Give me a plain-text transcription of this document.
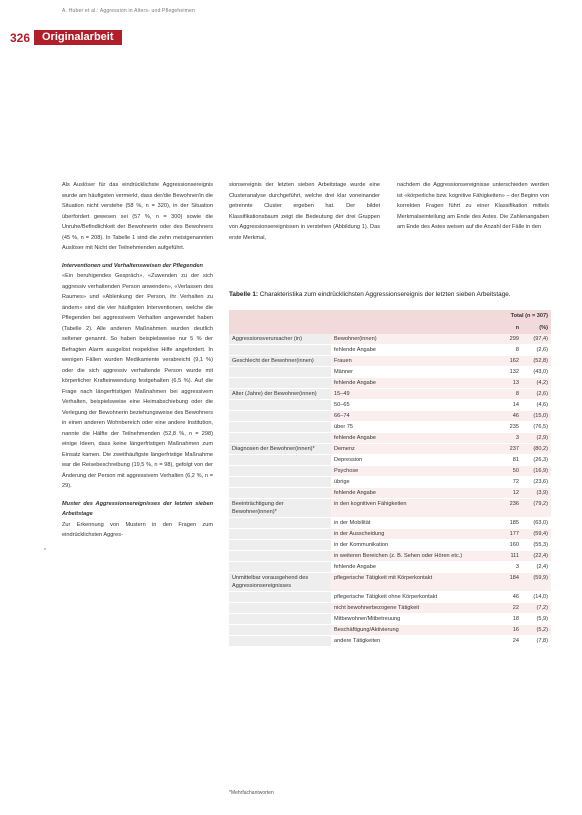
A. Huber et al.: Aggression in Alters- und Pflegeheimen
326	Originalarbeit

Als Auslöser für das eindrücklichste Aggressionsereignis wurde am häufigsten vermerkt, dass der/die Bewohner/in die Situation nicht verstehe (58 %, n = 320), in der Situation überfordert gewesen sei (57 %, n = 300) sowie die Unruhe/Befindlichkeit der Bewohnerin oder des Bewohners (45 %, n = 208). In Tabelle 1 sind die zehn meistgenannten Auslöser mit Nicht der Teilnehmenden aufgeführt.

Interventionen und Verhaltensweisen der Pflegenden

«Ein beruhigendes Gespräch», «Zuwenden zu der sich aggressiv verhaltenden Person anwenden», «Verlassen des Raumes» und «Ablenkung der Person, ihr Verhalten zu ändern» sind die vier häufigsten Interventionen, welche die Pflegenden bei aggressivem Verhalten angewendet haben (Tabelle 2). Alle anderen Maßnahmen wurden deutlich seltener genannt. So haben beispielsweise nur 5 % der Befragten Alarm ausgelöst respektive Hilfe angefordert. In wenigen Fällen wurden Medikamente verabreicht (9,1 %) oder die sich aggressiv verhaltende Person wurde mit körperlicher Krafteinwendung festgehalten (6,5 %). Auf die Frage nach längerfristigen Maßnahmen bei aggressivem Verhalten, beispielsweise eine Heimabschiebung oder die Verlegung der Bewohnerin beziehungsweise des Bewohners in einen anderen Wohnbereich oder eine andere Institution, nannte die Hälfte der Teilnehmenden (52,8 %, n = 298) einige Ideen, dass keine längerfristigen Maßnahmen zum Einsatz kamen. Die zweithäufigste längerfristige Maßnahme war die Reisebeschreibung (19,5 %, n = 98), gefolgt von der Änderung der Person mit aggressivem Verhalten (6,2 %, n = 29).

Muster des Aggressionsereignisses der letzten sieben Arbeitstage

Zur Erkennung von Mustern in den Fragen zum eindrücklichsten Aggres-

sionsereignis der letzten sieben Arbeitstage wurde eine Clusteranalyse durchgeführt, welche drei klar voneinander getrennte Cluster ergeben hat. Der bildet Klassifikationsbaum zeigt die Bedeutung der drei Gruppen von Aggressionsereignissen in verstehen (Abbildung 1). Das erste Merkmal,

nachdem die Aggressionsereignisse unterschieden werden ist «körperliche bzw. kognitive Fähigkeiten» – der Beginn von korrekten Fragen führt zu einer Klassifikation mittels Merkmalseinteilung am Ende des Astes. Die Zahlenangaben am Ende des Astes weisen auf die Anzahl der Fälle in den

Tabelle 1: Charakteristika zum eindrücklichsten Aggressionsereignis der letzten sieben Arbeitstage.
		Total (n = 307)	
		n	(%)
Aggressionsverursacher (in)	Bewohner(innen)	299	(97,4)
	fehlende Angabe	8	(2,6)
Geschlecht der Bewohner(innen)	Frauen	162	(52,8)
	Männer	132	(43,0)
	fehlende Angabe	13	(4,2)
Alter (Jahre) der Bewohner(innen)	15–49	8	(2,6)
	50–65	14	(4,6)
	66–74	46	(15,0)
	über 75	235	(76,5)
	fehlende Angabe	3	(2,9)
Diagnosen der Bewohner(innen)*	Demenz	237	(80,2)
	Depression	81	(26,3)
	Psychose	50	(16,9)
	übrige	72	(23,6)
	fehlende Angabe	12	(3,9)
Beeinträchtigung der Bewohner(innen)*	in den kognitiven Fähigkeiten	236	(79,2)
	in der Mobilität	185	(63,0)
	in der Ausscheidung	177	(59,4)
	in der Kommunikation	160	(55,3)
	in weiteren Bereichen (z. B. Sehen oder Hören etc.)	111	(22,4)
	fehlende Angabe	3	(2,4)
Unmittelbar vorausgehend des Aggressionsereignisses	pflegerische Tätigkeit mit Körperkontakt	184	(59,9)
	pflegerische Tätigkeit ohne Körperkontakt	46	(14,0)
	nicht bewohnerbezogene Tätigkeit	22	(7,2)
	Mitbewohner/Mitbetreuung	18	(5,9)
	Beschäftigung/Aktivierung	16	(5,2)
	andere Tätigkeiten	24	(7,8)
*Mehrfachantworten
